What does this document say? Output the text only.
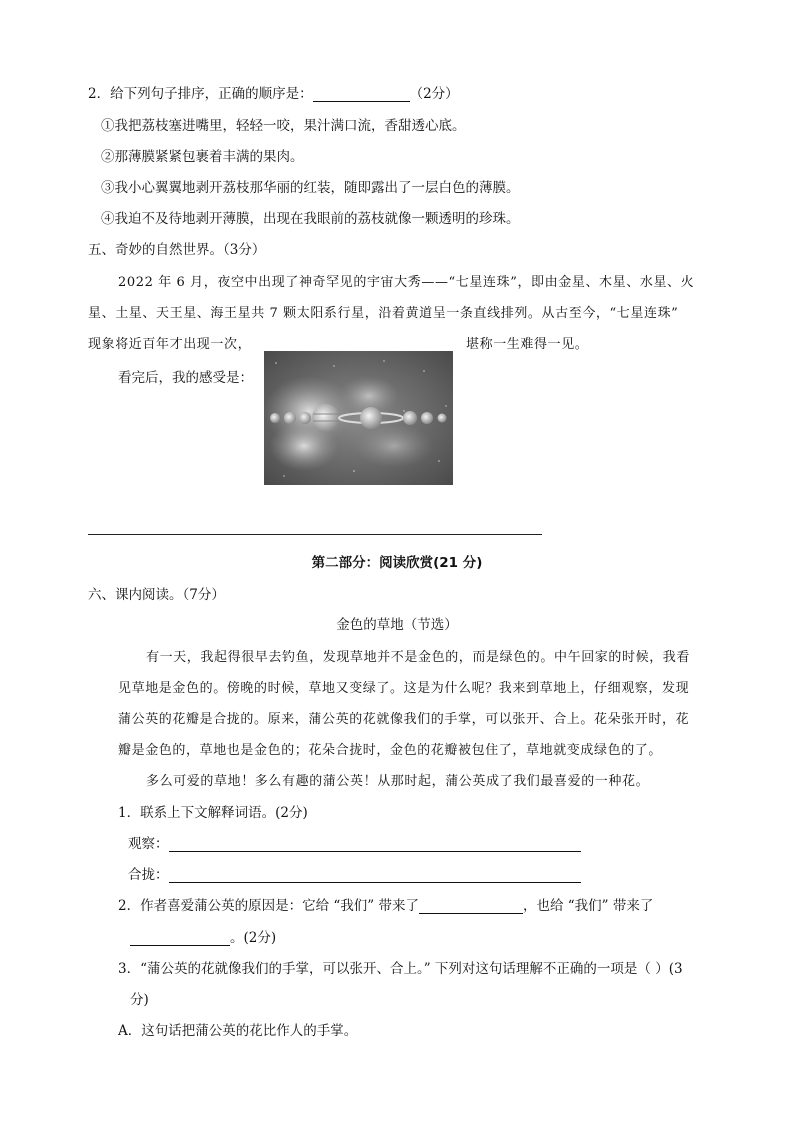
2．给下列句子排序，正确的顺序是：	（2分）
①我把荔枝塞进嘴里，轻轻一咬，果汁满口流，香甜透心底。
②那薄膜紧紧包裹着丰满的果肉。
③我小心翼翼地剥开荔枝那华丽的红装，随即露出了一层白色的薄膜。
④我迫不及待地剥开薄膜，出现在我眼前的荔枝就像一颗透明的珍珠。
五、奇妙的自然世界。（3分）
2022 年 6 月，夜空中出现了神奇罕见的宇宙大秀——“七星连珠”，即由金星、木星、水星、火
星、土星、天王星、海王星共 7 颗太阳系行星，沿着黄道呈一条直线排列。从古至今，“七星连珠”
现象将近百年才出现一次，	堪称一生难得一见。
看完后，我的感受是：
第二部分：阅读欣赏(21 分)
六、课内阅读。（7分）
金色的草地（节选）
有一天，我起得很早去钓鱼，发现草地并不是金色的，而是绿色的。中午回家的时候，我看
见草地是金色的。傍晚的时候，草地又变绿了。这是为什么呢？我来到草地上，仔细观察，发现
蒲公英的花瓣是合拢的。原来，蒲公英的花就像我们的手掌，可以张开、合上。花朵张开时，花
瓣是金色的，草地也是金色的；花朵合拢时，金色的花瓣被包住了，草地就变成绿色的了。
多么可爱的草地！多么有趣的蒲公英！从那时起，蒲公英成了我们最喜爱的一种花。
1．联系上下文解释词语。(2分)
观察：
合拢：
2．作者喜爱蒲公英的原因是：它给 “我们” 带来了	，也给 “我们” 带来了
。(2分)
3．“蒲公英的花就像我们的手掌，可以张开、合上。” 下列对这句话理解不正确的一项是（ ）(3
分)
A．这句话把蒲公英的花比作人的手掌。
